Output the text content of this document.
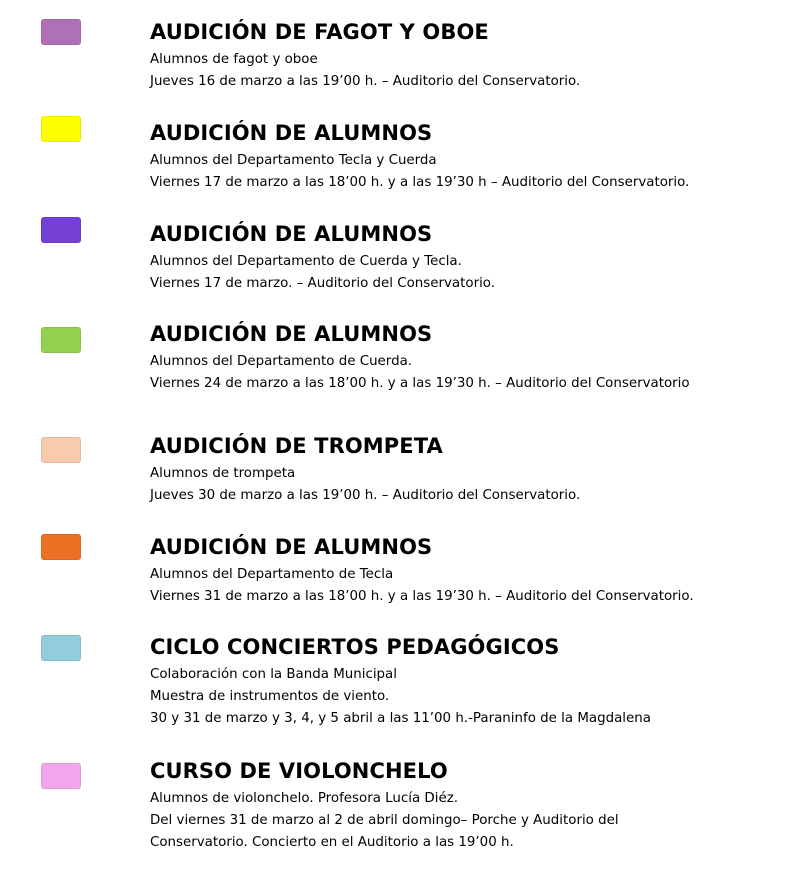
AUDICIÓN DE FAGOT Y OBOE
Alumnos de fagot y oboe
Jueves 16 de marzo a las 19’00 h. – Auditorio del Conservatorio.
AUDICIÓN DE ALUMNOS
Alumnos del Departamento Tecla y Cuerda
Viernes 17 de marzo a las 18’00 h. y a las 19’30 h – Auditorio del Conservatorio.
AUDICIÓN DE ALUMNOS
Alumnos del Departamento de Cuerda y Tecla.
Viernes 17 de marzo. – Auditorio del Conservatorio.
AUDICIÓN DE ALUMNOS
Alumnos del Departamento de Cuerda.
Viernes 24 de marzo a las 18’00 h. y a las 19’30 h. – Auditorio del Conservatorio
AUDICIÓN DE TROMPETA
Alumnos de trompeta
Jueves 30 de marzo a las 19’00 h. – Auditorio del Conservatorio.
AUDICIÓN DE ALUMNOS
Alumnos del Departamento de Tecla
Viernes 31 de marzo a las 18’00 h. y a las 19’30 h. – Auditorio del Conservatorio.
CICLO CONCIERTOS PEDAGÓGICOS
Colaboración con la Banda Municipal
Muestra de instrumentos de viento.
30 y 31 de marzo y 3, 4, y 5 abril a las 11’00 h.-Paraninfo de la Magdalena
CURSO DE VIOLONCHELO
Alumnos de violonchelo. Profesora Lucía Diéz.
Del viernes 31 de marzo al 2 de abril domingo– Porche y Auditorio del
Conservatorio. Concierto en el Auditorio a las 19’00 h.
